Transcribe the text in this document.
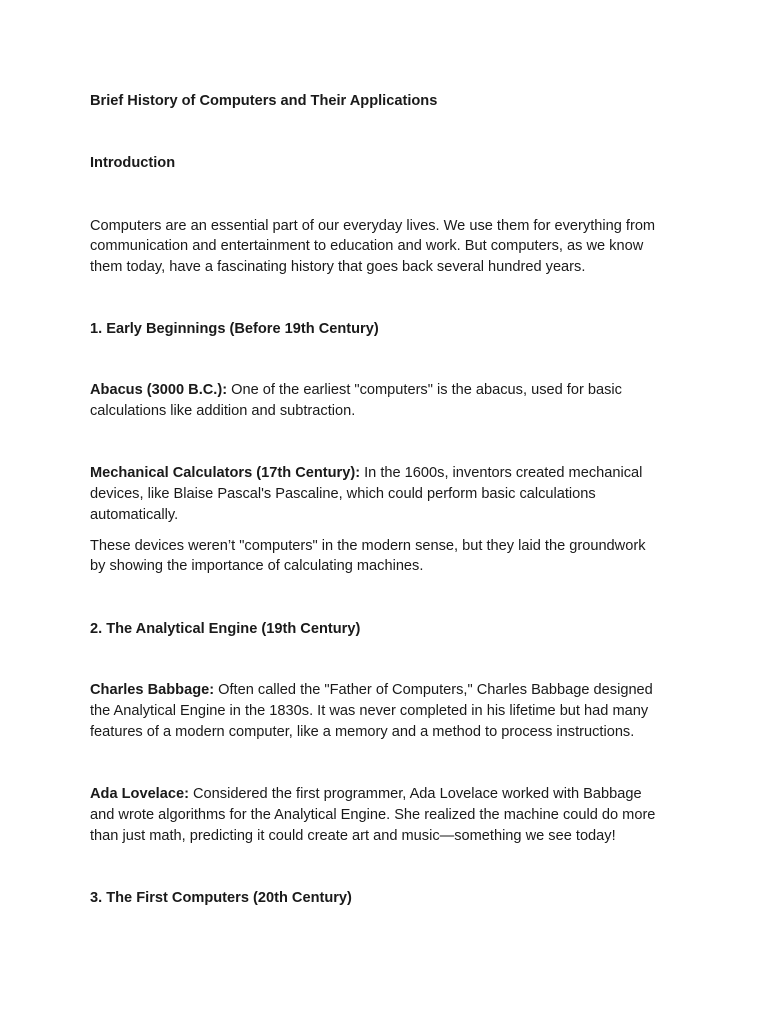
Brief History of Computers and Their Applications
Introduction
Computers are an essential part of our everyday lives. We use them for everything from
communication and entertainment to education and work. But computers, as we know
them today, have a fascinating history that goes back several hundred years.
1. Early Beginnings (Before 19th Century)
Abacus (3000 B.C.): One of the earliest "computers" is the abacus, used for basic
calculations like addition and subtraction.
Mechanical Calculators (17th Century): In the 1600s, inventors created mechanical
devices, like Blaise Pascal's Pascaline, which could perform basic calculations
automatically.
These devices weren’t "computers" in the modern sense, but they laid the groundwork
by showing the importance of calculating machines.
2. The Analytical Engine (19th Century)
Charles Babbage: Often called the "Father of Computers," Charles Babbage designed
the Analytical Engine in the 1830s. It was never completed in his lifetime but had many
features of a modern computer, like a memory and a method to process instructions.
Ada Lovelace: Considered the first programmer, Ada Lovelace worked with Babbage
and wrote algorithms for the Analytical Engine. She realized the machine could do more
than just math, predicting it could create art and music—something we see today!
3. The First Computers (20th Century)
